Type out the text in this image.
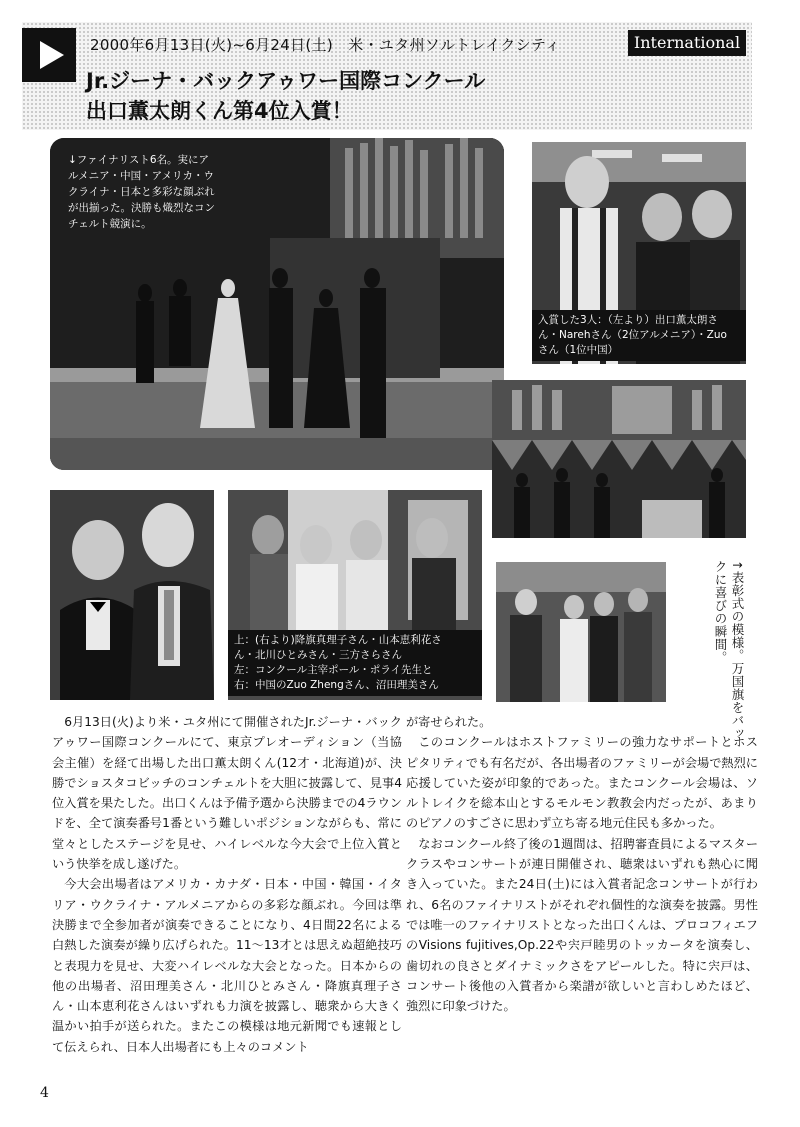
2000年6月13日(火)~6月24日(土)　米・ユタ州ソルトレイクシティ	International
Jr.ジーナ・バックアゥワー国際コンクール
出口薫太朗くん第4位入賞！
↓ファイナリスト6名。実にア
ルメニア・中国・アメリカ・ウ
クライナ・日本と多彩な顔ぶれ
が出揃った。決勝も熾烈なコン
チェルト競演に。
入賞した3人：（左より）出口薫太朗さ
ん・Narehさん（2位アルメニア）・Zuo
さん（1位中国）
上：(右より)降旗真理子さん・山本恵利花さ
ん・北川ひとみさん・三方さらさん
左：コンクール主宰ポール・ポライ先生と
右：中国のZuo Zhengさん、沼田理美さん	↑表彰式の模様。万国旗をバックに喜びの瞬間。

6月13日(火)より米・ユタ州にて開催されたJr.ジーナ・バックアゥワー国際コンクールにて、東京プレオーディション（当協会主催）を経て出場した出口薫太朗くん(12才・北海道)が、決勝でショスタコビッチのコンチェルトを大胆に披露して、見事4位入賞を果たした。出口くんは予備予選から決勝までの4ラウンドを、全て演奏番号1番という難しいポジションながらも、常に堂々としたステージを見せ、ハイレベルな今大会で上位入賞という快挙を成し遂げた。

今大会出場者はアメリカ・カナダ・日本・中国・韓国・イタリア・ウクライナ・アルメニアからの多彩な顔ぶれ。今回は準決勝まで全参加者が演奏できることになり、4日間22名による白熱した演奏が繰り広げられた。11～13才とは思えぬ超絶技巧と表現力を見せ、大変ハイレベルな大会となった。日本からの他の出場者、沼田理美さん・北川ひとみさん・降旗真理子さん・山本恵利花さんはいずれも力演を披露し、聴衆から大きく温かい拍手が送られた。またこの模様は地元新聞でも速報として伝えられ、日本人出場者にも上々のコメント

が寄せられた。

このコンクールはホストファミリーの強力なサポートとホスピタリティでも有名だが、各出場者のファミリーが会場で熱烈に応援していた姿が印象的であった。またコンクール会場は、ソルトレイクを総本山とするモルモン教教会内だったが、あまりのピアノのすごさに思わず立ち寄る地元住民も多かった。

なおコンクール終了後の1週間は、招聘審査員によるマスタークラスやコンサートが連日開催され、聴衆はいずれも熱心に聞き入っていた。また24日(土)には入賞者記念コンサートが行われ、6名のファイナリストがそれぞれ個性的な演奏を披露。男性では唯一のファイナリストとなった出口くんは、プロコフィエフのVisions fujitives,Op.22や宍戸睦男のトッカータを演奏し、歯切れの良さとダイナミックさをアピールした。特に宍戸は、コンサート後他の入賞者から楽譜が欲しいと言わしめたほど、強烈に印象づけた。

4
